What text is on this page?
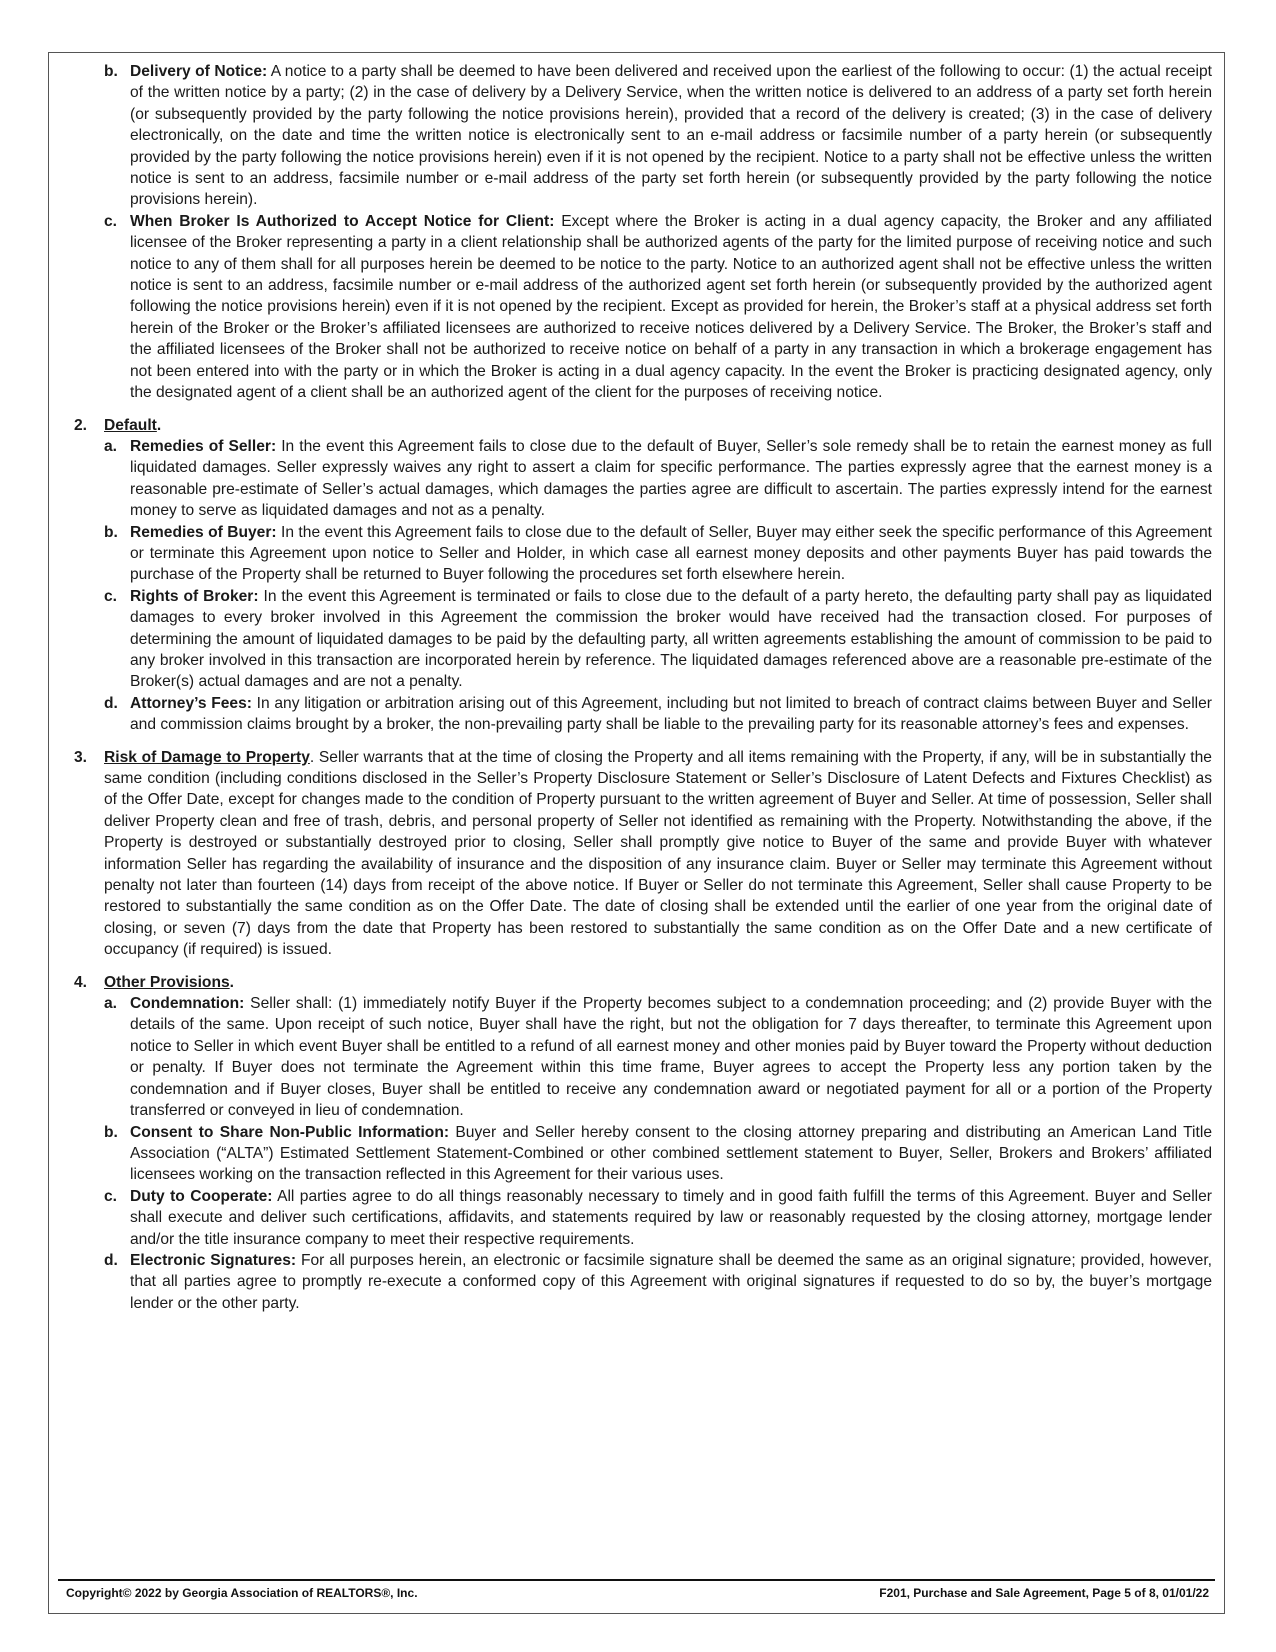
b. Delivery of Notice: A notice to a party shall be deemed to have been delivered and received upon the earliest of the following to occur: (1) the actual receipt of the written notice by a party; (2) in the case of delivery by a Delivery Service, when the written notice is delivered to an address of a party set forth herein (or subsequently provided by the party following the notice provisions herein), provided that a record of the delivery is created; (3) in the case of delivery electronically, on the date and time the written notice is electronically sent to an e-mail address or facsimile number of a party herein (or subsequently provided by the party following the notice provisions herein) even if it is not opened by the recipient. Notice to a party shall not be effective unless the written notice is sent to an address, facsimile number or e-mail address of the party set forth herein (or subsequently provided by the party following the notice provisions herein).
c. When Broker Is Authorized to Accept Notice for Client: Except where the Broker is acting in a dual agency capacity, the Broker and any affiliated licensee of the Broker representing a party in a client relationship shall be authorized agents of the party for the limited purpose of receiving notice and such notice to any of them shall for all purposes herein be deemed to be notice to the party. Notice to an authorized agent shall not be effective unless the written notice is sent to an address, facsimile number or e-mail address of the authorized agent set forth herein (or subsequently provided by the authorized agent following the notice provisions herein) even if it is not opened by the recipient. Except as provided for herein, the Broker’s staff at a physical address set forth herein of the Broker or the Broker’s affiliated licensees are authorized to receive notices delivered by a Delivery Service. The Broker, the Broker’s staff and the affiliated licensees of the Broker shall not be authorized to receive notice on behalf of a party in any transaction in which a brokerage engagement has not been entered into with the party or in which the Broker is acting in a dual agency capacity. In the event the Broker is practicing designated agency, only the designated agent of a client shall be an authorized agent of the client for the purposes of receiving notice.
2. Default.
a. Remedies of Seller: In the event this Agreement fails to close due to the default of Buyer, Seller’s sole remedy shall be to retain the earnest money as full liquidated damages. Seller expressly waives any right to assert a claim for specific performance. The parties expressly agree that the earnest money is a reasonable pre-estimate of Seller’s actual damages, which damages the parties agree are difficult to ascertain. The parties expressly intend for the earnest money to serve as liquidated damages and not as a penalty.
b. Remedies of Buyer: In the event this Agreement fails to close due to the default of Seller, Buyer may either seek the specific performance of this Agreement or terminate this Agreement upon notice to Seller and Holder, in which case all earnest money deposits and other payments Buyer has paid towards the purchase of the Property shall be returned to Buyer following the procedures set forth elsewhere herein.
c. Rights of Broker: In the event this Agreement is terminated or fails to close due to the default of a party hereto, the defaulting party shall pay as liquidated damages to every broker involved in this Agreement the commission the broker would have received had the transaction closed. For purposes of determining the amount of liquidated damages to be paid by the defaulting party, all written agreements establishing the amount of commission to be paid to any broker involved in this transaction are incorporated herein by reference. The liquidated damages referenced above are a reasonable pre-estimate of the Broker(s) actual damages and are not a penalty.
d. Attorney’s Fees: In any litigation or arbitration arising out of this Agreement, including but not limited to breach of contract claims between Buyer and Seller and commission claims brought by a broker, the non-prevailing party shall be liable to the prevailing party for its reasonable attorney’s fees and expenses.
3. Risk of Damage to Property. Seller warrants that at the time of closing the Property and all items remaining with the Property, if any, will be in substantially the same condition (including conditions disclosed in the Seller’s Property Disclosure Statement or Seller’s Disclosure of Latent Defects and Fixtures Checklist) as of the Offer Date, except for changes made to the condition of Property pursuant to the written agreement of Buyer and Seller. At time of possession, Seller shall deliver Property clean and free of trash, debris, and personal property of Seller not identified as remaining with the Property. Notwithstanding the above, if the Property is destroyed or substantially destroyed prior to closing, Seller shall promptly give notice to Buyer of the same and provide Buyer with whatever information Seller has regarding the availability of insurance and the disposition of any insurance claim. Buyer or Seller may terminate this Agreement without penalty not later than fourteen (14) days from receipt of the above notice. If Buyer or Seller do not terminate this Agreement, Seller shall cause Property to be restored to substantially the same condition as on the Offer Date. The date of closing shall be extended until the earlier of one year from the original date of closing, or seven (7) days from the date that Property has been restored to substantially the same condition as on the Offer Date and a new certificate of occupancy (if required) is issued.
4. Other Provisions.
a. Condemnation: Seller shall: (1) immediately notify Buyer if the Property becomes subject to a condemnation proceeding; and (2) provide Buyer with the details of the same. Upon receipt of such notice, Buyer shall have the right, but not the obligation for 7 days thereafter, to terminate this Agreement upon notice to Seller in which event Buyer shall be entitled to a refund of all earnest money and other monies paid by Buyer toward the Property without deduction or penalty. If Buyer does not terminate the Agreement within this time frame, Buyer agrees to accept the Property less any portion taken by the condemnation and if Buyer closes, Buyer shall be entitled to receive any condemnation award or negotiated payment for all or a portion of the Property transferred or conveyed in lieu of condemnation.
b. Consent to Share Non-Public Information: Buyer and Seller hereby consent to the closing attorney preparing and distributing an American Land Title Association (“ALTA”) Estimated Settlement Statement-Combined or other combined settlement statement to Buyer, Seller, Brokers and Brokers’ affiliated licensees working on the transaction reflected in this Agreement for their various uses.
c. Duty to Cooperate: All parties agree to do all things reasonably necessary to timely and in good faith fulfill the terms of this Agreement. Buyer and Seller shall execute and deliver such certifications, affidavits, and statements required by law or reasonably requested by the closing attorney, mortgage lender and/or the title insurance company to meet their respective requirements.
d. Electronic Signatures: For all purposes herein, an electronic or facsimile signature shall be deemed the same as an original signature; provided, however, that all parties agree to promptly re-execute a conformed copy of this Agreement with original signatures if requested to do so by, the buyer’s mortgage lender or the other party.
Copyright© 2022 by Georgia Association of REALTORS®, Inc.	F201, Purchase and Sale Agreement, Page 5 of 8, 01/01/22
